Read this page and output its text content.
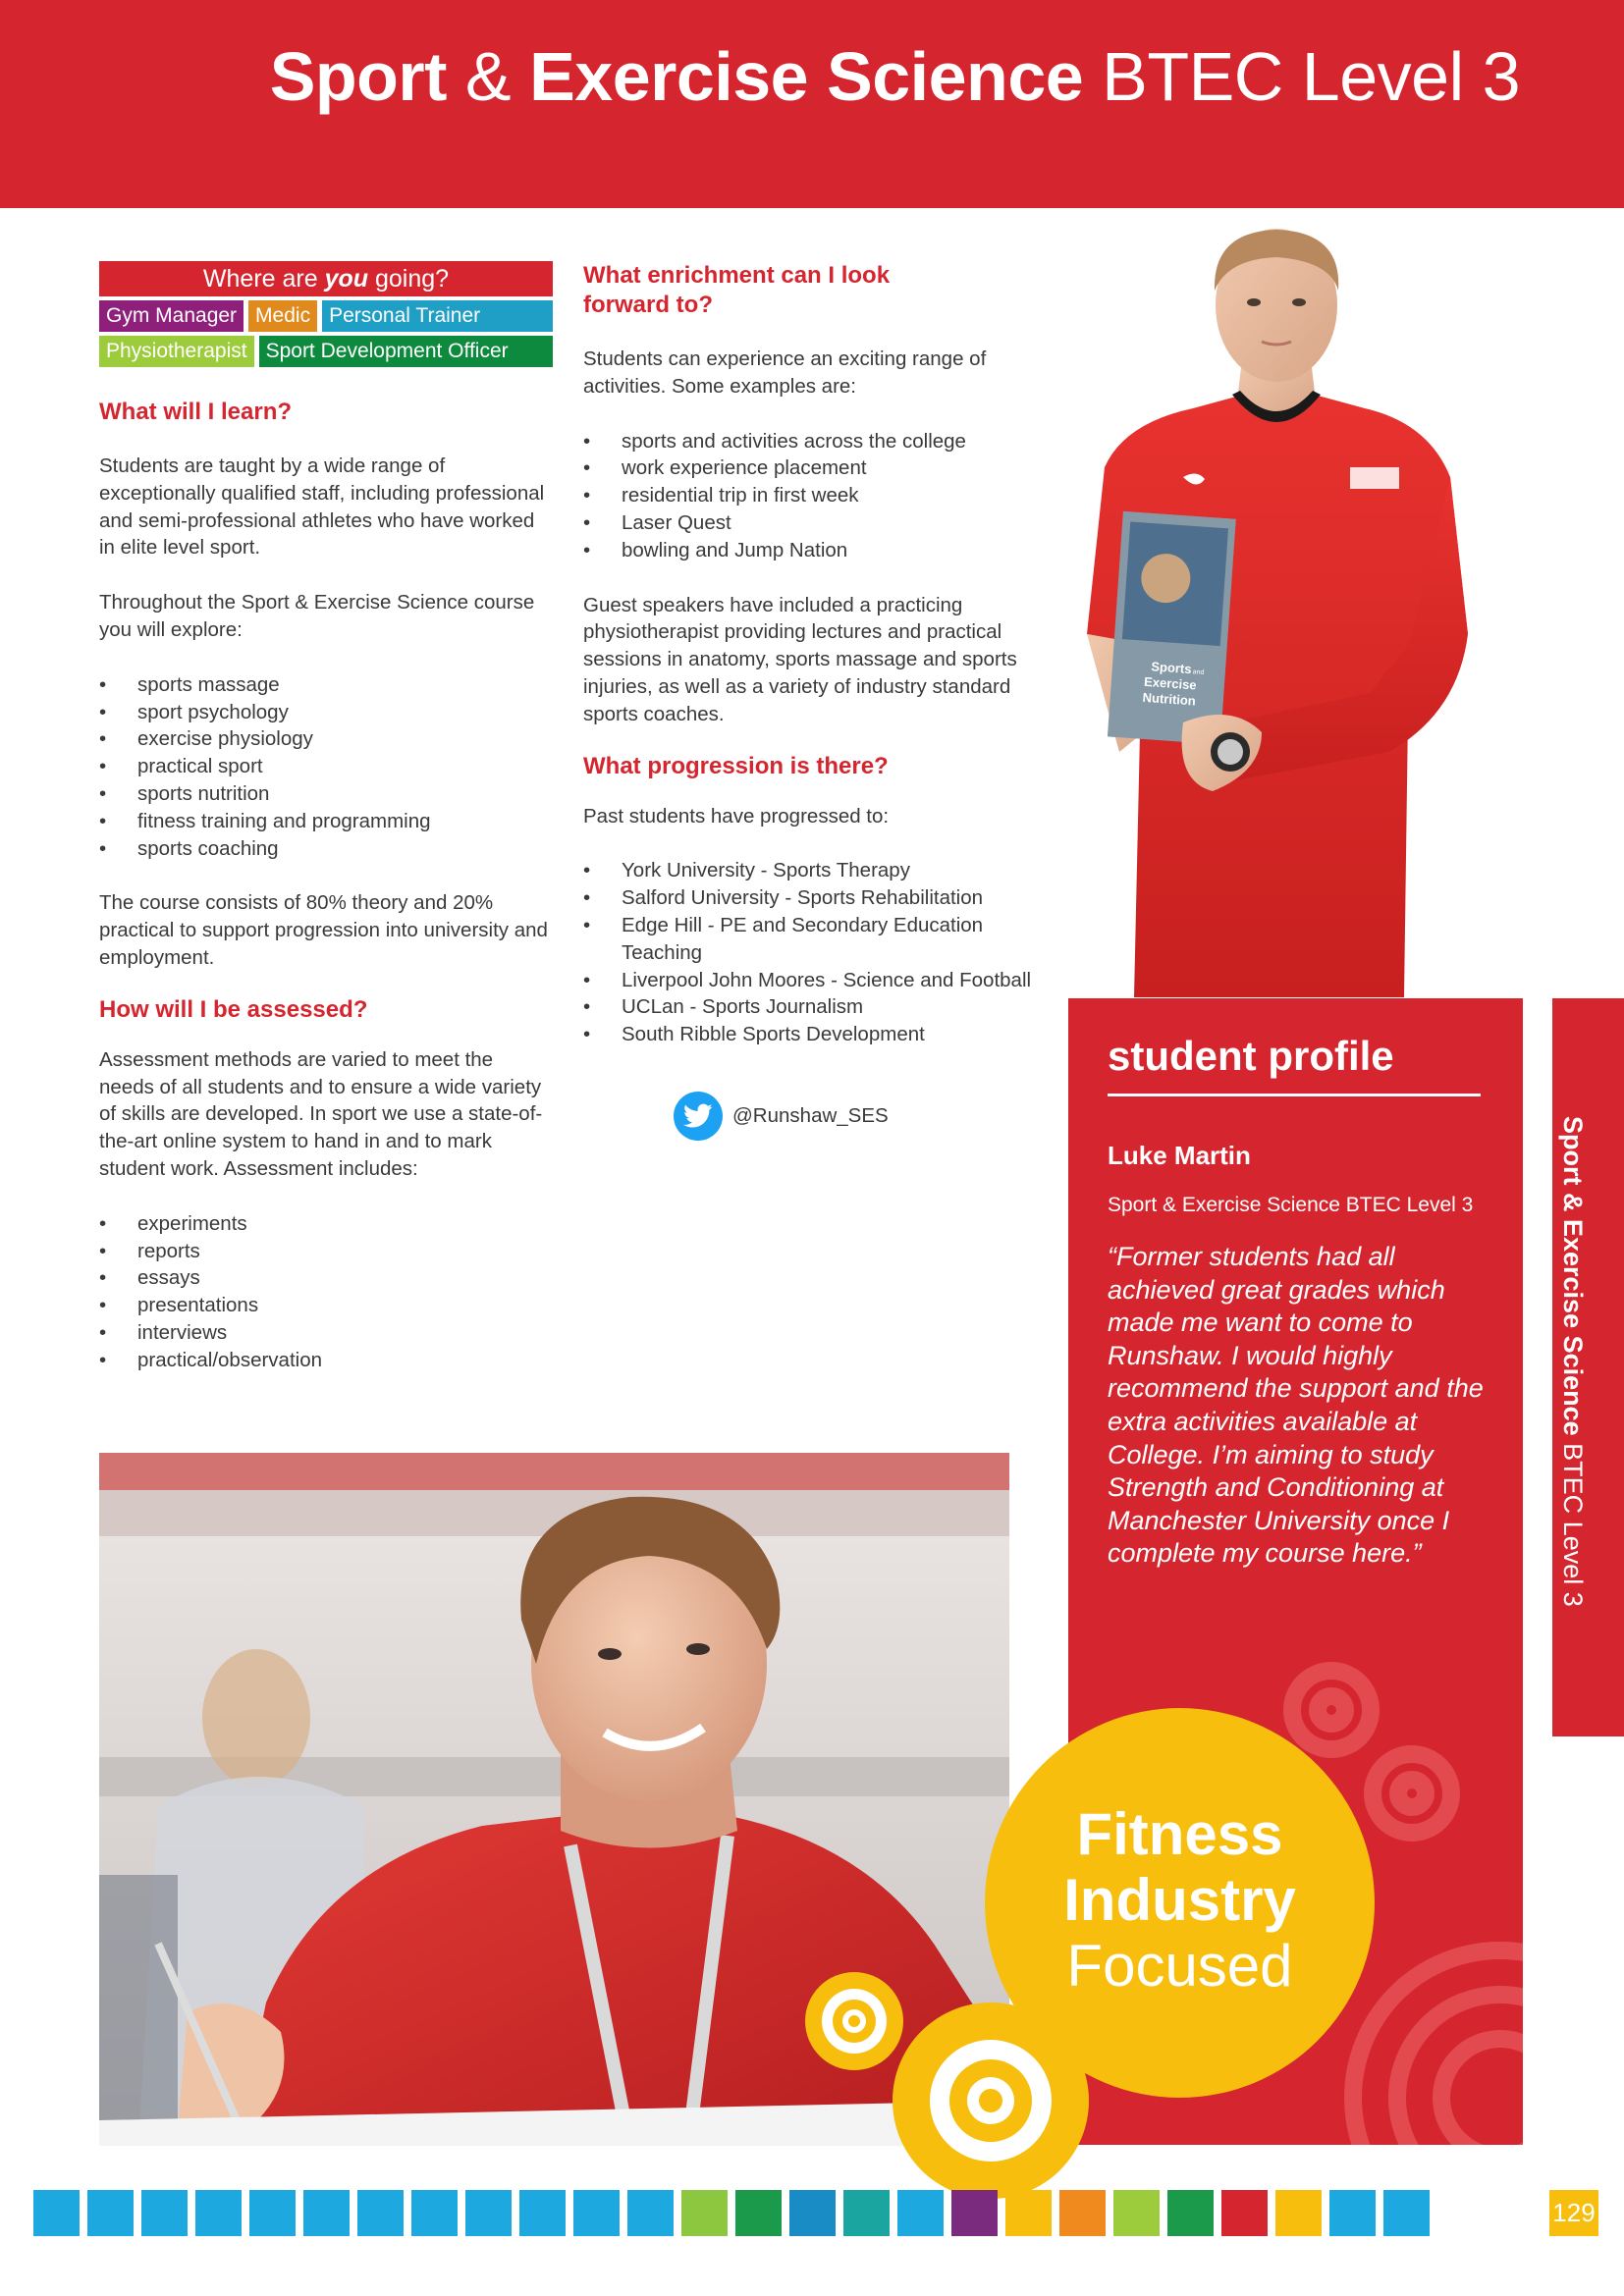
Sport & Exercise Science BTEC Level 3
Where are you going?
Gym Manager Medic Personal Trainer
Physiotherapist Sport Development Officer
What will I learn?

Students are taught by a wide range of exceptionally qualified staff, including professional and semi-professional athletes who have worked in elite level sport.

Throughout the Sport & Exercise Science course you will explore:

• sports massage
• sport psychology
• exercise physiology
• practical sport
• sports nutrition
• fitness training and programming
• sports coaching

The course consists of 80% theory and 20% practical to support progression into university and employment.

How will I be assessed?

Assessment methods are varied to meet the needs of all students and to ensure a wide variety of skills are developed. In sport we use a state-of-the-art online system to hand in and to mark student work. Assessment includes:

• experiments
• reports
• essays
• presentations
• interviews
• practical/observation
What enrichment can I look forward to?

Students can experience an exciting range of activities. Some examples are:

• sports and activities across the college
• work experience placement
• residential trip in first week
• Laser Quest
• bowling and Jump Nation

Guest speakers have included a practicing physiotherapist providing lectures and practical sessions in anatomy, sports massage and sports injuries, as well as a variety of industry standard sports coaches.

What progression is there?

Past students have progressed to:

• York University - Sports Therapy
• Salford University - Sports Rehabilitation
• Edge Hill - PE and Secondary Education Teaching
• Liverpool John Moores - Science and Football
• UCLan - Sports Journalism
• South Ribble Sports Development
@Runshaw_SES
Sports and
Exercise
Nutrition
student profile
Luke Martin
Sport & Exercise Science BTEC Level 3
“Former students had all achieved great grades which made me want to come to Runshaw. I would highly recommend the support and the extra activities available at College. I’m aiming to study Strength and Conditioning at Manchester University once I complete my course here.”
Sport & Exercise Science BTEC Level 3
Fitness
Industry
Focused
129
